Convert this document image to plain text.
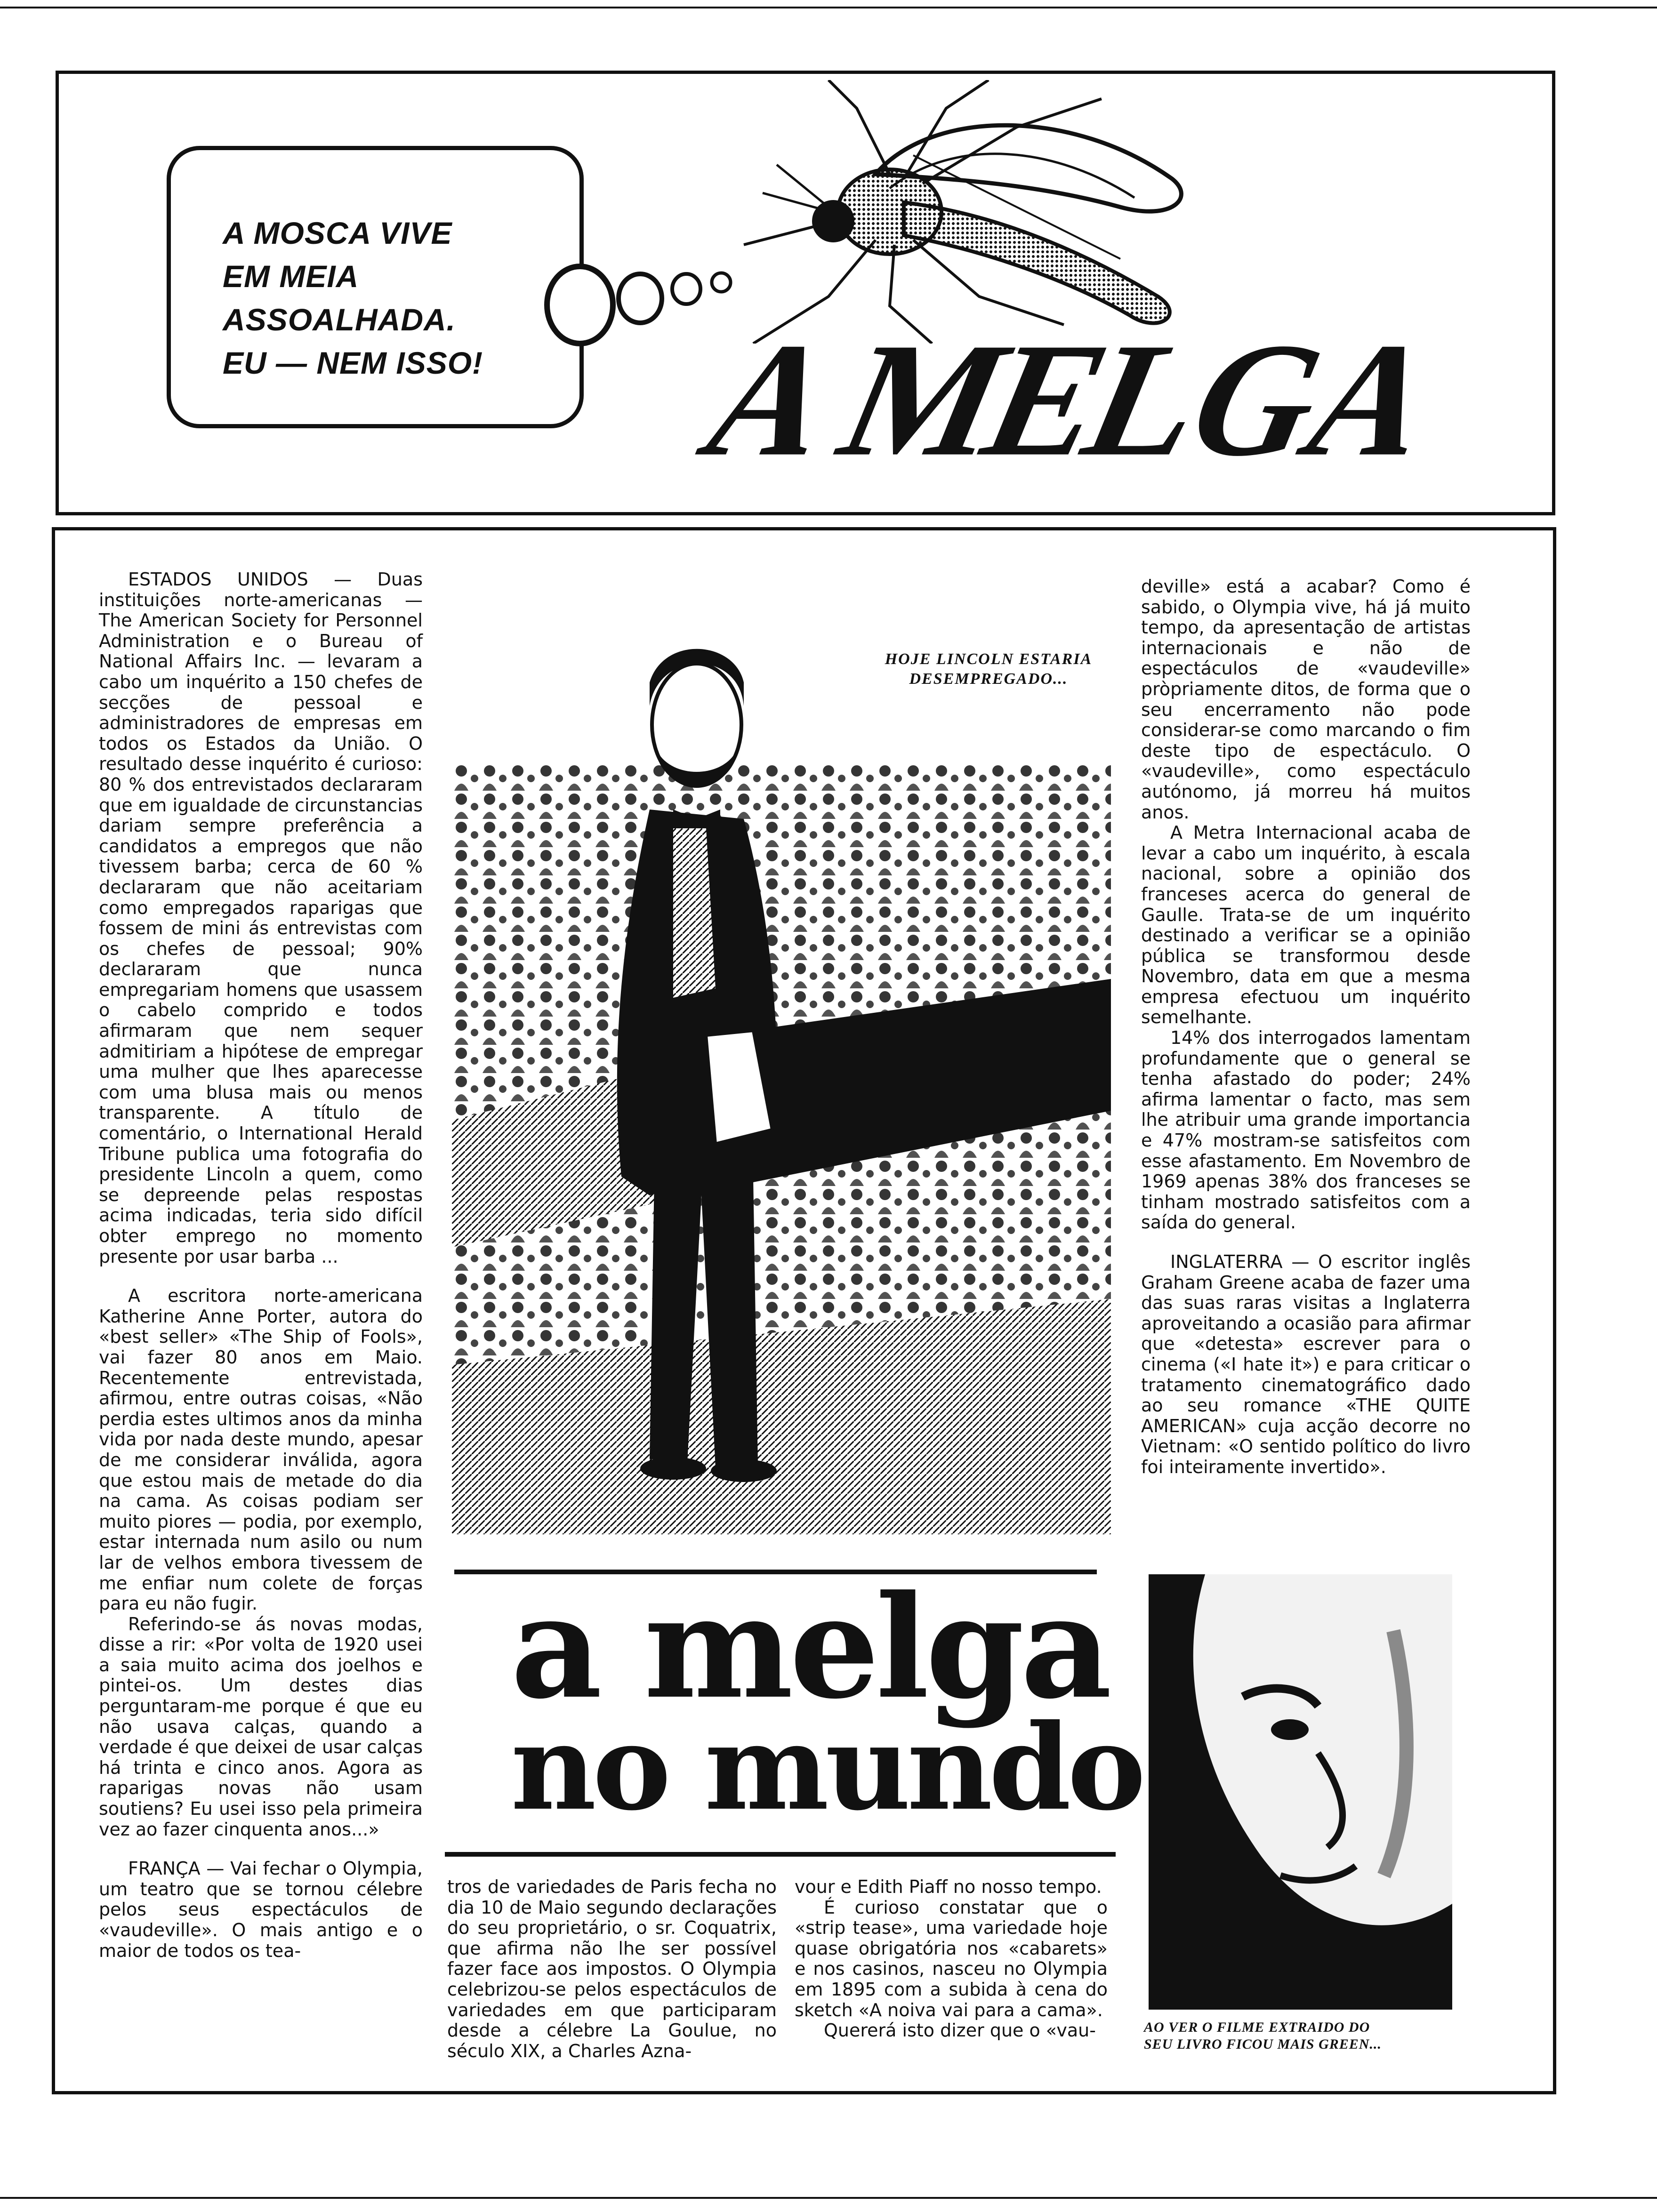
A MOSCA VIVE
EM MEIA ASSOALHADA.
EU — NEM ISSO!	A MELGA

ESTADOS UNIDOS — Duas instituições norte-americanas — The American Society for Personnel Administration e o Bureau of National Affairs Inc. — levaram a cabo um inquérito a 150 chefes de secções de pessoal e administradores de empresas em todos os Estados da União. O resultado desse inquérito é curioso: 80 % dos entrevistados declararam que em igualdade de circunstancias dariam sempre preferência a candidatos a empregos que não tivessem barba; cerca de 60 % declararam que não aceitariam como empregados raparigas que fossem de mini ás entrevistas com os chefes de pessoal; 90% declararam que nunca empregariam homens que usassem o cabelo comprido e todos afirmaram que nem sequer admitiriam a hipótese de empregar uma mulher que lhes aparecesse com uma blusa mais ou menos transparente. A título de comentário, o International Herald Tribune publica uma fotografia do presidente Lincoln a quem, como se depreende pelas respostas acima indicadas, teria sido difícil obter emprego no momento presente por usar barba ...

A escritora norte-americana Katherine Anne Porter, autora do «best seller» «The Ship of Fools», vai fazer 80 anos em Maio. Recentemente entrevistada, afirmou, entre outras coisas, «Não perdia estes ultimos anos da minha vida por nada deste mundo, apesar de me considerar inválida, agora que estou mais de metade do dia na cama. As coisas podiam ser muito piores — podia, por exemplo, estar internada num asilo ou num lar de velhos embora tivessem de me enfiar num colete de forças para eu não fugir.

Referindo-se ás novas modas, disse a rir: «Por volta de 1920 usei a saia muito acima dos joelhos e pintei-os. Um destes dias perguntaram-me porque é que eu não usava calças, quando a verdade é que deixei de usar calças há trinta e cinco anos. Agora as raparigas novas não usam soutiens? Eu usei isso pela primeira vez ao fazer cinquenta anos...»

FRANÇA — Vai fechar o Olympia, um teatro que se tornou célebre pelos seus espectáculos de «vaudeville». O mais antigo e o maior de todos os tea-

HOJE LINCOLN ESTARIA
DESEMPREGADO...
a melga
no mundo

tros de variedades de Paris fecha no dia 10 de Maio segundo declarações do seu proprietário, o sr. Coquatrix, que afirma não lhe ser possível fazer face aos impostos. O Olympia celebrizou-se pelos espectáculos de variedades em que participaram desde a célebre La Goulue, no século XIX, a Charles Azna-

vour e Edith Piaff no nosso tempo.

É curioso constatar que o «strip tease», uma variedade hoje quase obrigatória nos «cabarets» e nos casinos, nasceu no Olympia em 1895 com a subida à cena do sketch «A noiva vai para a cama».

Quererá isto dizer que o «vau-

deville» está a acabar? Como é sabido, o Olympia vive, há já muito tempo, da apresentação de artistas internacionais e não de espectáculos de «vaudeville» pròpriamente ditos, de forma que o seu encerramento não pode considerar-se como marcando o fim deste tipo de espectáculo. O «vaudeville», como espectáculo autónomo, já morreu há muitos anos.

A Metra Internacional acaba de levar a cabo um inquérito, à escala nacional, sobre a opinião dos franceses acerca do general de Gaulle. Trata-se de um inquérito destinado a verificar se a opinião pública se transformou desde Novembro, data em que a mesma empresa efectuou um inquérito semelhante.

14% dos interrogados lamentam profundamente que o general se tenha afastado do poder; 24% afirma lamentar o facto, mas sem lhe atribuir uma grande importancia e 47% mostram-se satisfeitos com esse afastamento. Em Novembro de 1969 apenas 38% dos franceses se tinham mostrado satisfeitos com a saída do general.

INGLATERRA — O escritor inglês Graham Greene acaba de fazer uma das suas raras visitas a Inglaterra aproveitando a ocasião para afirmar que «detesta» escrever para o cinema («I hate it») e para criticar o tratamento cinematográfico dado ao seu romance «THE QUITE AMERICAN» cuja acção decorre no Vietnam: «O sentido político do livro foi inteiramente invertido».

AO VER O FILME EXTRAIDO DO
SEU LIVRO FICOU MAIS GREEN...
